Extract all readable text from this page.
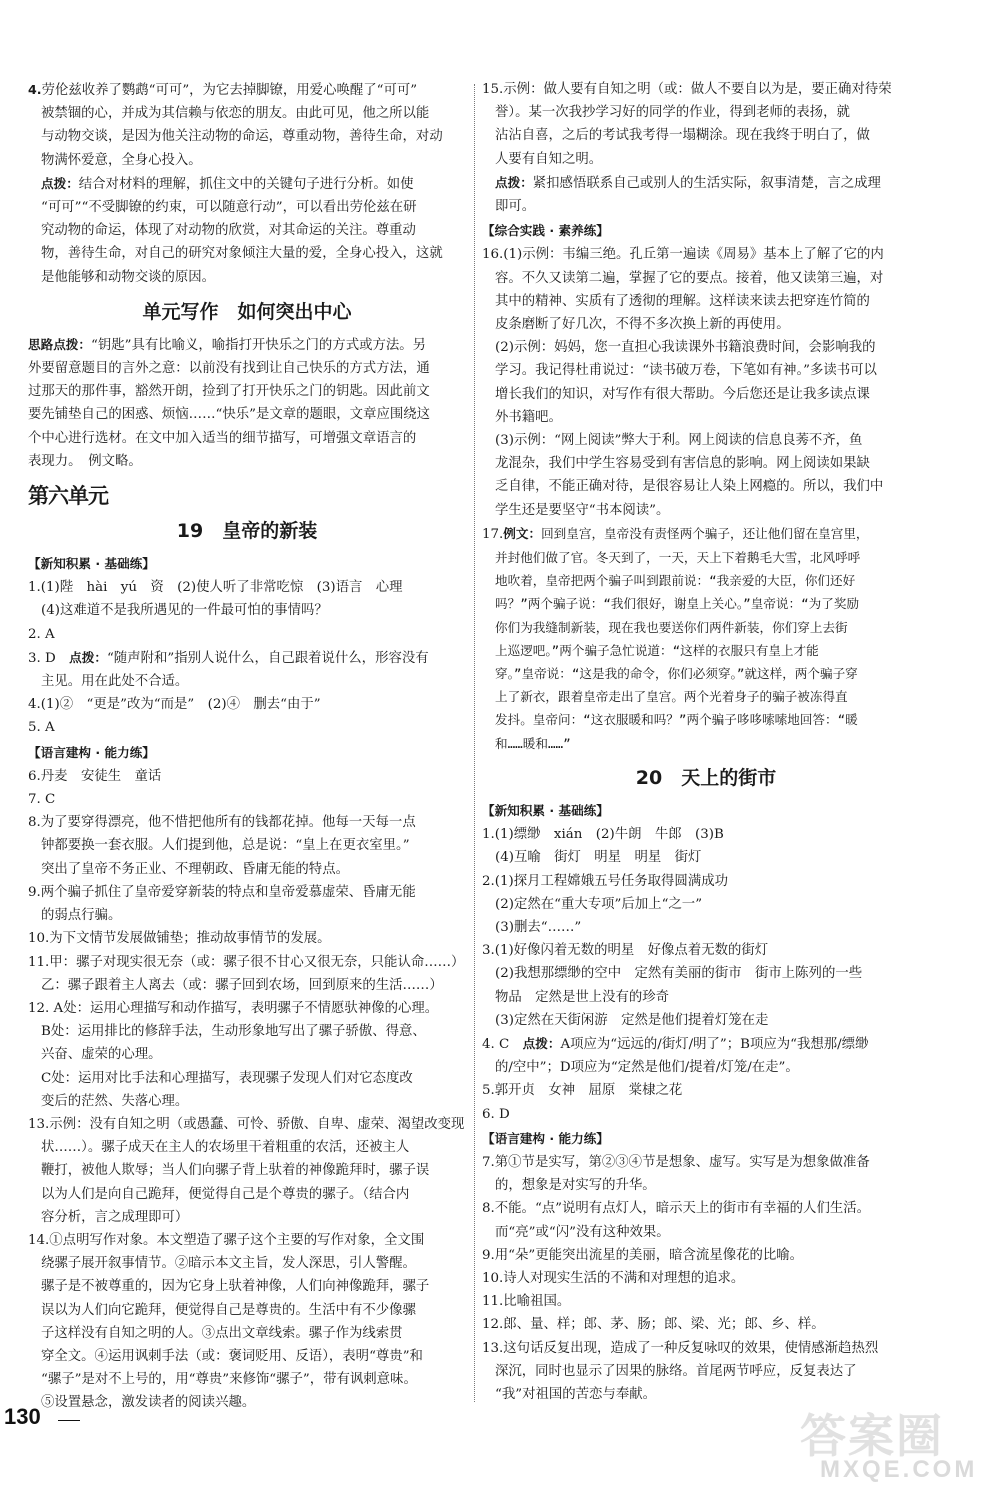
4.劳伦兹收养了鹦鹉“可可”，为它去掉脚镣，用爱心唤醒了“可可”

被禁锢的心，并成为其信赖与依恋的朋友。由此可见，他之所以能

与动物交谈，是因为他关注动物的命运，尊重动物，善待生命，对动

物满怀爱意，全身心投入。

点拨：结合对材料的理解，抓住文中的关键句子进行分析。如使

“可可”“不受脚镣的约束，可以随意行动”，可以看出劳伦兹在研

究动物的命运，体现了对动物的欣赏，对其命运的关注。尊重动

物，善待生命，对自己的研究对象倾注大量的爱，全身心投入，这就

是他能够和动物交谈的原因。

单元写作　如何突出中心

思路点拨：“钥匙”具有比喻义，喻指打开快乐之门的方式或方法。另

外要留意题目的言外之意：以前没有找到让自己快乐的方式方法，通

过那天的那件事，豁然开朗，捡到了打开快乐之门的钥匙。因此前文

要先铺垫自己的困惑、烦恼……“快乐”是文章的题眼，文章应围绕这

个中心进行选材。在文中加入适当的细节描写，可增强文章语言的

表现力。　例文略。

第六单元
19　皇帝的新装

【新知积累 · 基础练】

1.(1)陛　hài　yú　资　(2)使人听了非常吃惊　(3)语言　心理

(4)这难道不是我所遇见的一件最可怕的事情吗？

2. A

3. D　点拨：“随声附和”指别人说什么，自己跟着说什么，形容没有

主见。用在此处不合适。

4.(1)②　“更是”改为“而是”　(2)④　删去“由于”

5. A

【语言建构 · 能力练】

6.丹麦　安徒生　童话

7. C

8.为了要穿得漂亮，他不惜把他所有的钱都花掉。他每一天每一点

钟都要换一套衣服。人们提到他，总是说：“皇上在更衣室里。”

突出了皇帝不务正业、不理朝政、昏庸无能的特点。

9.两个骗子抓住了皇帝爱穿新装的特点和皇帝爱慕虚荣、昏庸无能

的弱点行骗。

10.为下文情节发展做铺垫；推动故事情节的发展。

11.甲：骡子对现实很无奈（或：骡子很不甘心又很无奈，只能认命……）

乙：骡子跟着主人离去（或：骡子回到农场，回到原来的生活……）

12. A处：运用心理描写和动作描写，表明骡子不情愿驮神像的心理。

B处：运用排比的修辞手法，生动形象地写出了骡子骄傲、得意、

兴奋、虚荣的心理。

C处：运用对比手法和心理描写，表现骡子发现人们对它态度改

变后的茫然、失落心理。

13.示例：没有自知之明（或愚蠢、可怜、骄傲、自卑、虚荣、渴望改变现

状……）。骡子成天在主人的农场里干着粗重的农活，还被主人

鞭打，被他人欺辱；当人们向骡子背上驮着的神像跪拜时，骡子误

以为人们是向自己跪拜，便觉得自己是个尊贵的骡子。（结合内

容分析，言之成理即可）

14.①点明写作对象。本文塑造了骡子这个主要的写作对象，全文围

绕骡子展开叙事情节。②暗示本文主旨，发人深思，引人警醒。

骡子是不被尊重的，因为它身上驮着神像，人们向神像跪拜，骡子

误以为人们向它跪拜，便觉得自己是尊贵的。生活中有不少像骡

子这样没有自知之明的人。③点出文章线索。骡子作为线索贯

穿全文。④运用讽刺手法（或：褒词贬用、反语），表明“尊贵”和

“骡子”是对不上号的，用“尊贵”来修饰“骡子”，带有讽刺意味。

⑤设置悬念，激发读者的阅读兴趣。

15.示例：做人要有自知之明（或：做人不要自以为是，要正确对待荣

誉）。某一次我抄学习好的同学的作业，得到老师的表扬，就

沾沾自喜，之后的考试我考得一塌糊涂。现在我终于明白了，做

人要有自知之明。

点拨：紧扣感悟联系自己或别人的生活实际，叙事清楚，言之成理

即可。

【综合实践 · 素养练】

16.(1)示例：韦编三绝。孔丘第一遍读《周易》基本上了解了它的内

容。不久又读第二遍，掌握了它的要点。接着，他又读第三遍，对

其中的精神、实质有了透彻的理解。这样读来读去把穿连竹简的

皮条磨断了好几次，不得不多次换上新的再使用。

(2)示例：妈妈，您一直担心我读课外书籍浪费时间，会影响我的

学习。我记得杜甫说过：“读书破万卷，下笔如有神。”多读书可以

增长我们的知识，对写作有很大帮助。今后您还是让我多读点课

外书籍吧。

(3)示例：“网上阅读”弊大于利。网上阅读的信息良莠不齐，鱼

龙混杂，我们中学生容易受到有害信息的影响。网上阅读如果缺

乏自律，不能正确对待，是很容易让人染上网瘾的。所以，我们中

学生还是要坚守“书本阅读”。

17.例文：回到皇宫，皇帝没有责怪两个骗子，还让他们留在皇宫里，

并封他们做了官。冬天到了，一天，天上下着鹅毛大雪，北风呼呼

地吹着，皇帝把两个骗子叫到跟前说：“我亲爱的大臣，你们还好

吗？”两个骗子说：“我们很好，谢皇上关心。”皇帝说：“为了奖励

你们为我缝制新装，现在我也要送你们两件新装，你们穿上去街

上巡逻吧。”两个骗子急忙说道：“这样的衣服只有皇上才能

穿。”皇帝说：“这是我的命令，你们必须穿。”就这样，两个骗子穿

上了新衣，跟着皇帝走出了皇宫。两个光着身子的骗子被冻得直

发抖。皇帝问：“这衣服暖和吗？”两个骗子哆哆嗦嗦地回答：“暖

和……暖和……”

20　天上的街市

【新知积累 · 基础练】

1.(1)缥缈　xián　(2)牛朗　牛郎　(3)B

(4)互喻　街灯　明星　明星　街灯

2.(1)探月工程嫦娥五号任务取得圆满成功

(2)定然在“重大专项”后加上“之一”

(3)删去“……”

3.(1)好像闪着无数的明星　好像点着无数的街灯

(2)我想那缥缈的空中　定然有美丽的街市　街市上陈列的一些

物品　定然是世上没有的珍奇

(3)定然在天街闲游　定然是他们提着灯笼在走

4. C　点拨：A项应为“远远的/街灯/明了”；B项应为“我想那/缥缈

的/空中”；D项应为“定然是他们/提着/灯笼/在走”。

5.郭开贞　女神　屈原　棠棣之花

6. D

【语言建构 · 能力练】

7.第①节是实写，第②③④节是想象、虚写。实写是为想象做准备

的，想象是对实写的升华。

8.不能。“点”说明有点灯人，暗示天上的街市有幸福的人们生活。

而“亮”或“闪”没有这种效果。

9.用“朵”更能突出流星的美丽，暗含流星像花的比喻。

10.诗人对现实生活的不满和对理想的追求。

11.比喻祖国。

12.郎、量、样；郎、茅、肠；郎、梁、光；郎、乡、样。

13.这句话反复出现，造成了一种反复咏叹的效果，使情感渐趋热烈

深沉，同时也显示了因果的脉络。首尾两节呼应，反复表达了

“我”对祖国的苦恋与奉献。

130	答案圈
MXQE.COM
